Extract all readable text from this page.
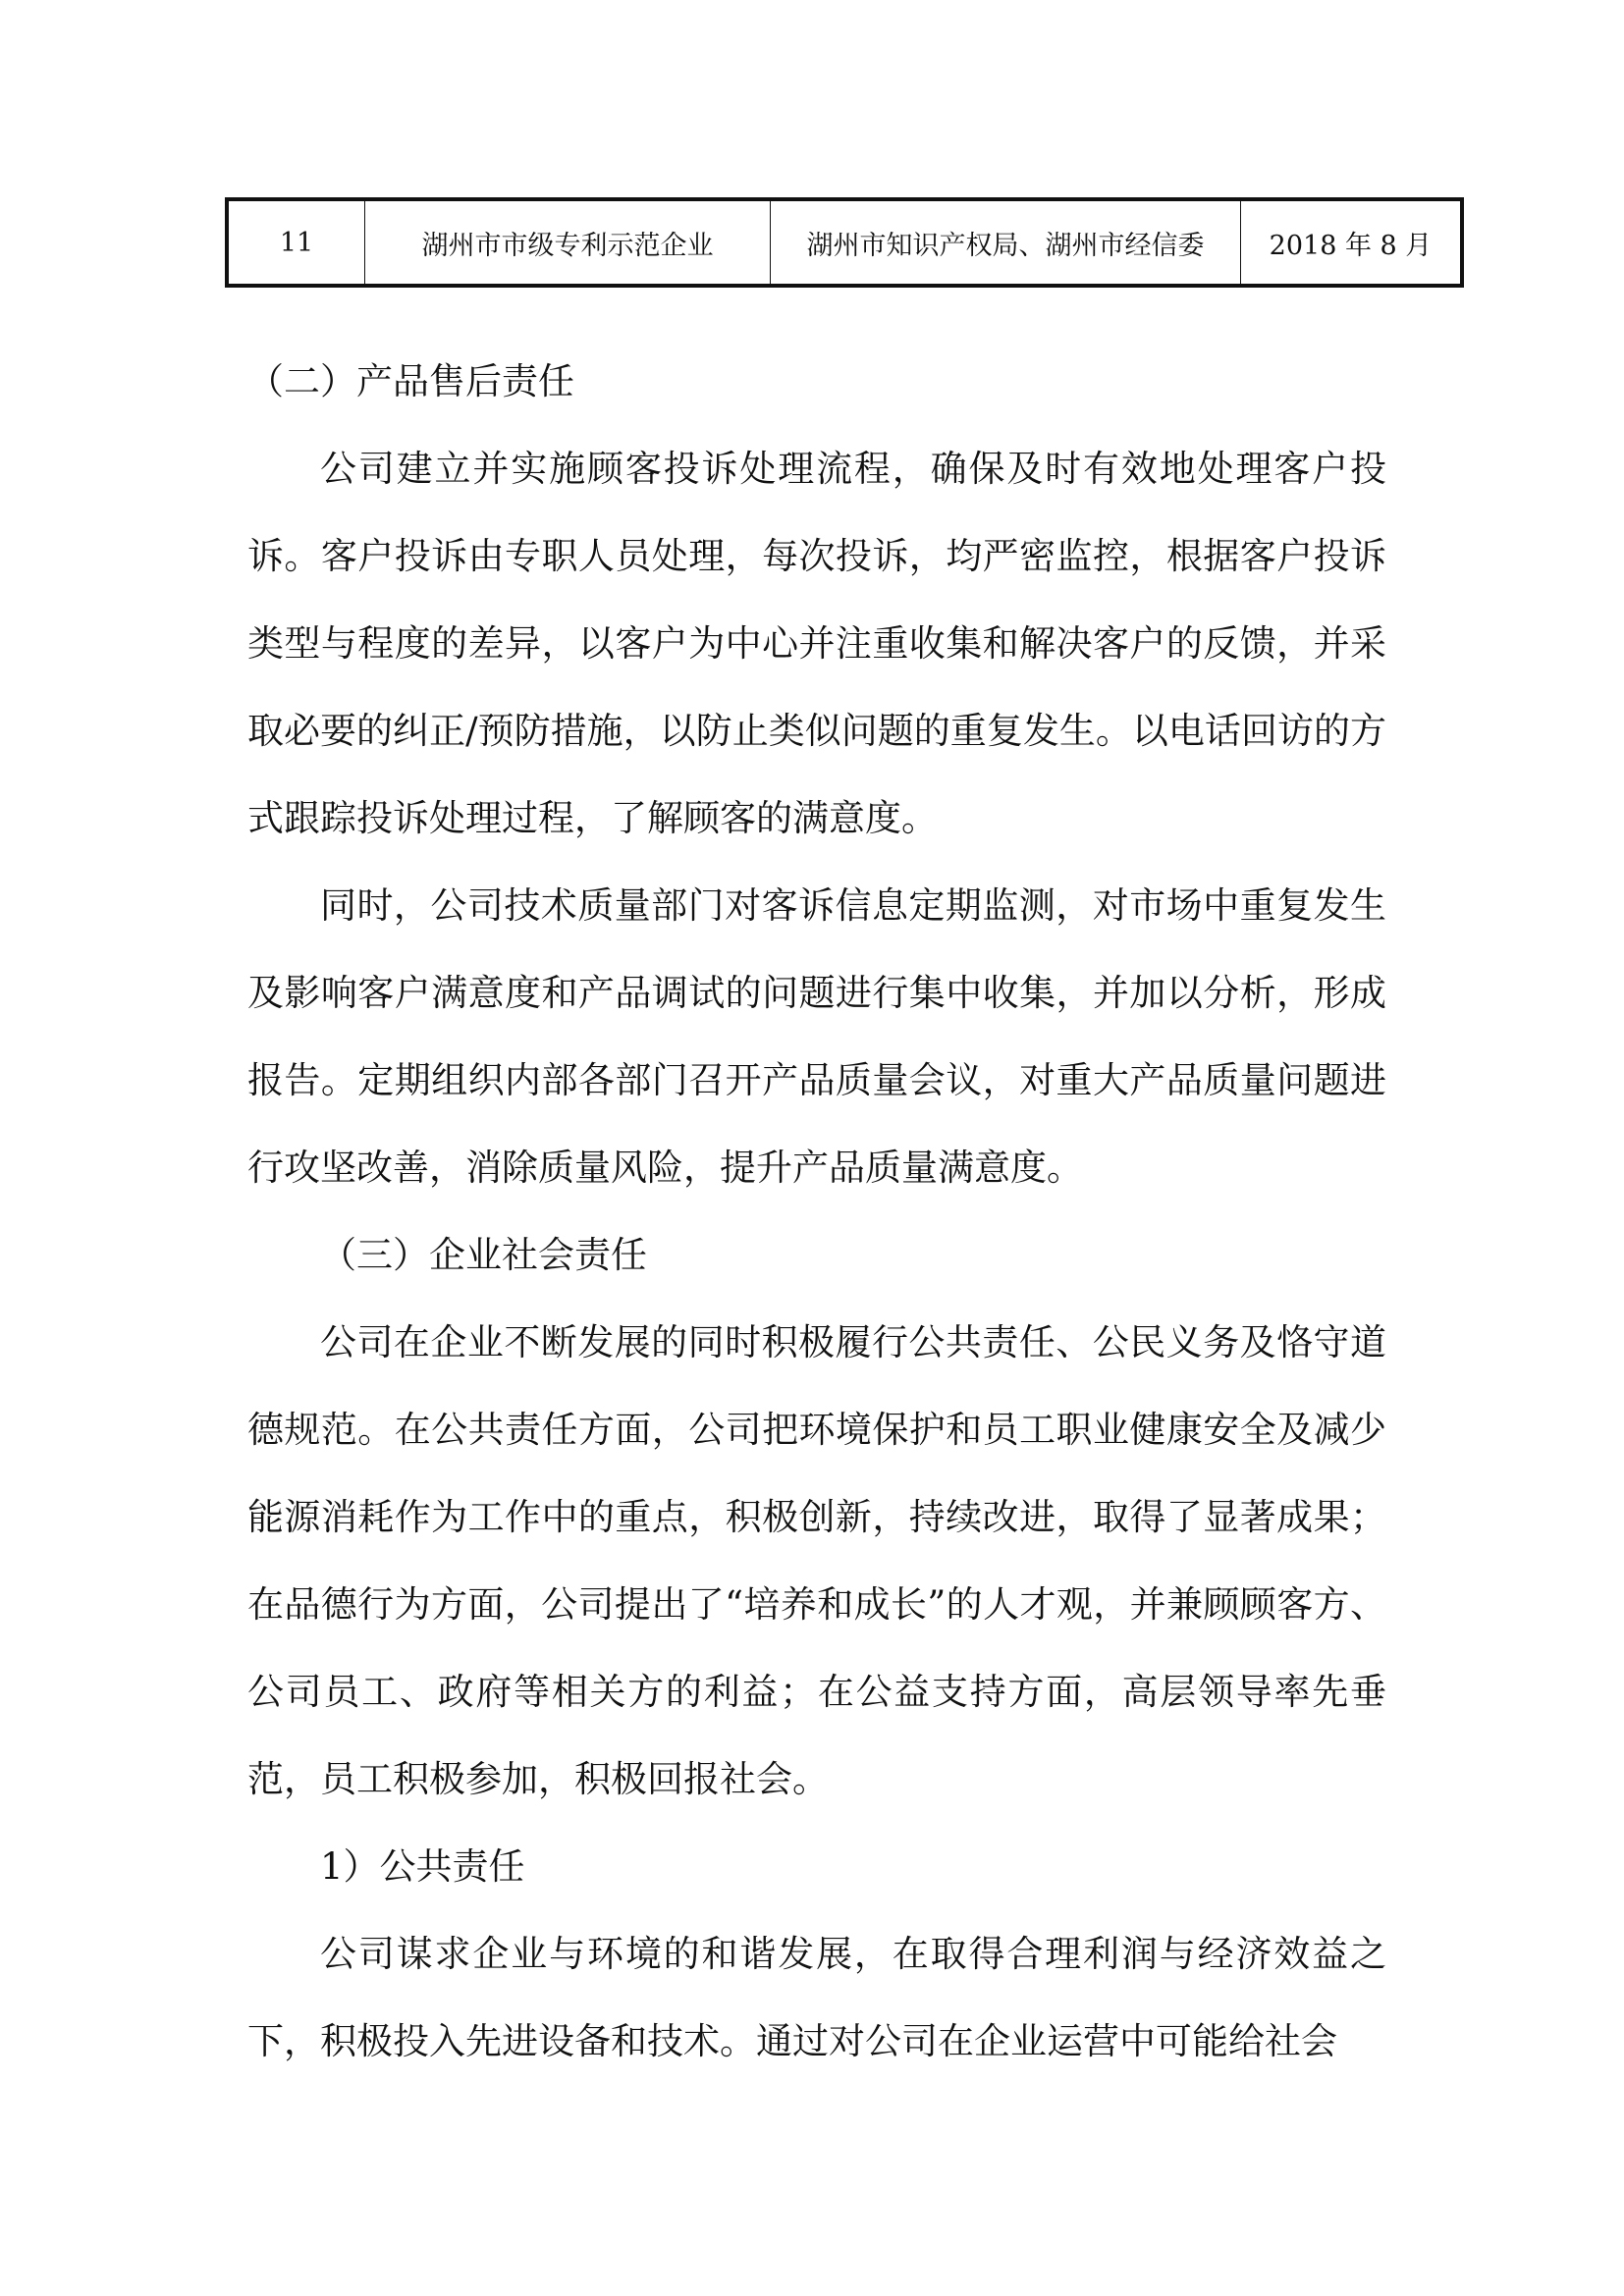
11	湖州市市级专利示范企业	湖州市知识产权局、湖州市经信委	2018 年 8 月

（二）产品售后责任

公司建立并实施顾客投诉处理流程，确保及时有效地处理客户投诉。客户投诉由专职人员处理，每次投诉，均严密监控，根据客户投诉类型与程度的差异，以客户为中心并注重收集和解决客户的反馈，并采取必要的纠正/预防措施，以防止类似问题的重复发生。以电话回访的方式跟踪投诉处理过程，了解顾客的满意度。

同时，公司技术质量部门对客诉信息定期监测，对市场中重复发生及影响客户满意度和产品调试的问题进行集中收集，并加以分析，形成报告。定期组织内部各部门召开产品质量会议，对重大产品质量问题进行攻坚改善，消除质量风险，提升产品质量满意度。

（三）企业社会责任

公司在企业不断发展的同时积极履行公共责任、公民义务及恪守道德规范。在公共责任方面，公司把环境保护和员工职业健康安全及减少能源消耗作为工作中的重点，积极创新，持续改进，取得了显著成果；在品德行为方面，公司提出了“培养和成长”的人才观，并兼顾顾客方、公司员工、政府等相关方的利益；在公益支持方面，高层领导率先垂范，员工积极参加，积极回报社会。

1）公共责任

公司谋求企业与环境的和谐发展，在取得合理利润与经济效益之下，积极投入先进设备和技术。通过对公司在企业运营中可能给社会
